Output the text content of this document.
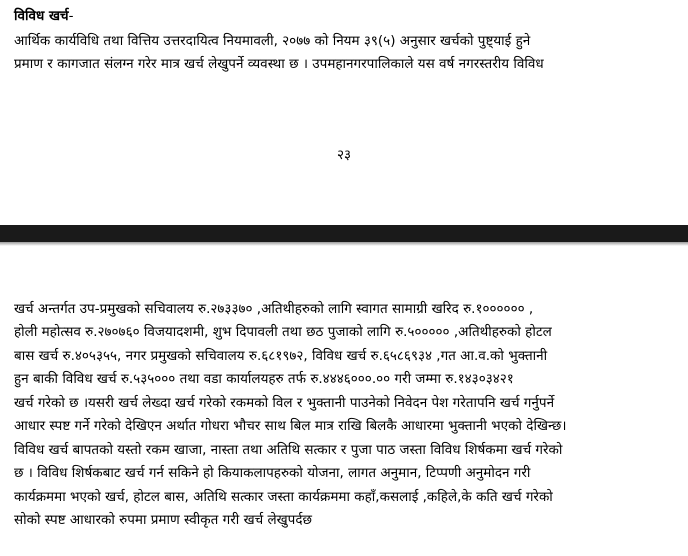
विविध खर्च-
आर्थिक कार्यविधि तथा वित्तिय उत्तरदायित्व नियमावली, २०७७ को नियम ३९(५) अनुसार खर्चको पुष्ट्याई हुने
प्रमाण र कागजात संलग्न गरेर मात्र खर्च लेखुपर्ने व्यवस्था छ । उपमहानगरपालिकाले यस वर्ष नगरस्तरीय विविध
२३
खर्च अन्तर्गत उप-प्रमुखको सचिवालय रु.२७३३७० ,अतिथीहरुको लागि स्वागत सामाग्री खरिद रु.१०००००० ,
होली महोत्सव रु.२७०७६० विजयादशमी, शुभ दिपावली तथा छठ पुजाको लागि रु.५००००० ,अतिथीहरुको होटल
बास खर्च रु.४०५३५५, नगर प्रमुखको सचिवालय रु.६८१९७२, विविध खर्च रु.६५८६९३४ ,गत आ.व.को भुक्तानी
हुन बाकी विविध खर्च रु.५३५००० तथा वडा कार्यालयहरु तर्फ रु.४४४६०००.०० गरी जम्मा रु.१४३०३४२१
खर्च गरेको छ ।यसरी खर्च लेख्दा खर्च गरेको रकमको विल र भुक्तानी पाउनेको निवेदन पेश गरेतापनि खर्च गर्नुपर्ने
आधार स्पष्ट गर्ने गरेको देखिएन अर्थात गोधरा भौचर साथ बिल मात्र राखि बिलकै आधारमा भुक्तानी भएको देखिन्छ।
विविध खर्च बापतको यस्तो रकम खाजा, नास्ता तथा अतिथि सत्कार र पुजा पाठ जस्ता विविध शिर्षकमा खर्च गरेको
छ । विविध शिर्षकबाट खर्च गर्न सकिने हो कियाकलापहरुको योजना, लागत अनुमान, टिप्पणी अनुमोदन गरी
कार्यक्रममा भएको खर्च, होटल बास, अतिथि सत्कार जस्ता कार्यक्रममा कहाँ,कसलाई ,कहिले,के कति खर्च गरेको
सोको स्पष्ट आधारको रुपमा प्रमाण स्वीकृत गरी खर्च लेखुपर्दछ
